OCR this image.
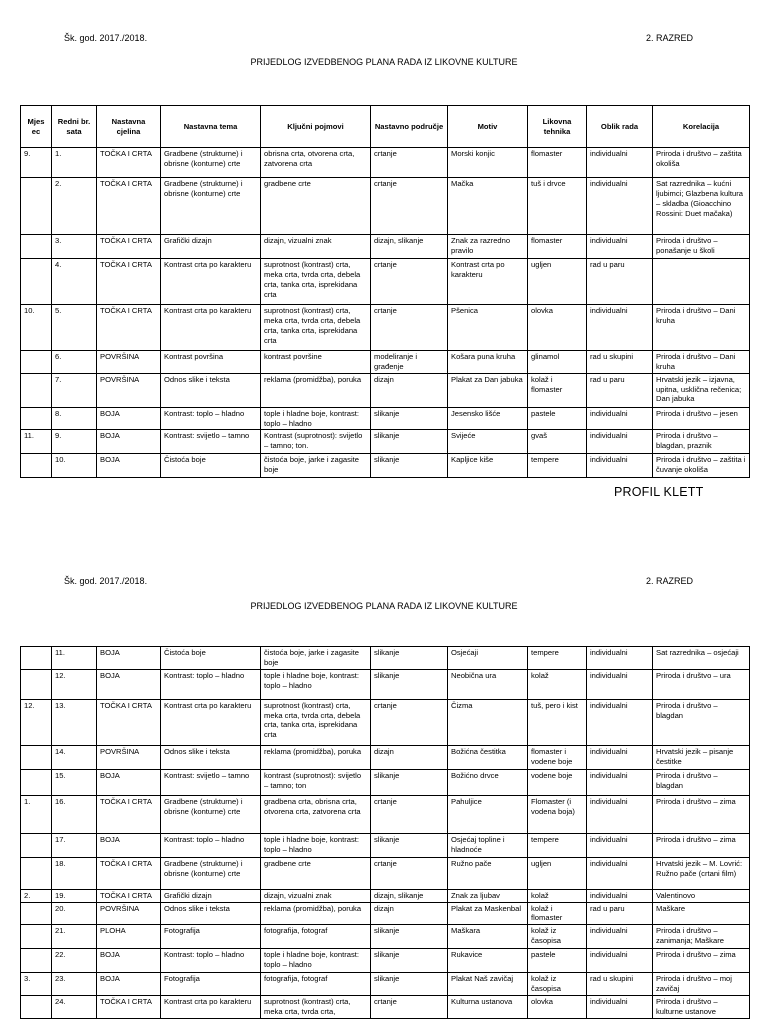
Šk. god. 2017./2018.	2. RAZRED
PRIJEDLOG IZVEDBENOG PLANA RADA IZ LIKOVNE KULTURE
Mjes ec	Redni br. sata	Nastavna cjelina	Nastavna tema	Ključni pojmovi	Nastavno područje	Motiv	Likovna tehnika	Oblik rada	Korelacija
9.	1.	TOČKA I CRTA	Gradbene (strukturne) i obrisne (konturne) crte	obrisna crta, otvorena crta, zatvorena crta	crtanje	Morski konjic	flomaster	individualni	Priroda i društvo – zaštita okoliša
	2.	TOČKA I CRTA	Gradbene (strukturne) i obrisne (konturne) crte	gradbene crte	crtanje	Mačka	tuš i drvce	individualni	Sat razrednika – kućni ljubimci; Glazbena kultura – skladba (Gioacchino Rossini: Duet mačaka)
	3.	TOČKA I CRTA	Grafički dizajn	dizajn, vizualni znak	dizajn, slikanje	Znak za razredno pravilo	flomaster	individualni	Priroda i društvo – ponašanje u školi
	4.	TOČKA I CRTA	Kontrast crta po karakteru	suprotnost (kontrast) crta, meka crta, tvrda crta, debela crta, tanka crta, isprekidana crta	crtanje	Kontrast crta po karakteru	ugljen	rad u paru	
10.	5.	TOČKA I CRTA	Kontrast crta po karakteru	suprotnost (kontrast) crta, meka crta, tvrda crta, debela crta, tanka crta, isprekidana crta	crtanje	Pšenica	olovka	individualni	Priroda i društvo – Dani kruha
	6.	POVRŠINA	Kontrast površina	kontrast površine	modeliranje i građenje	Košara puna kruha	glinamol	rad u skupini	Priroda i društvo – Dani kruha
	7.	POVRŠINA	Odnos slike i teksta	reklama (promidžba), poruka	dizajn	Plakat za Dan jabuka	kolaž i flomaster	rad u paru	Hrvatski jezik – izjavna, upitna, usklična rečenica; Dan jabuka
	8.	BOJA	Kontrast: toplo – hladno	tople i hladne boje, kontrast: toplo – hladno	slikanje	Jesensko lišće	pastele	individualni	Priroda i društvo – jesen
11.	9.	BOJA	Kontrast: svijetlo – tamno	Kontrast (suprotnost): svijetlo – tamno; ton.	slikanje	Svijeće	gvaš	individualni	Priroda i društvo – blagdan, praznik
	10.	BOJA	Čistoća boje	čistoća boje, jarke i zagasite boje	slikanje	Kapljice kiše	tempere	individualni	Priroda i društvo – zaštita i čuvanje okoliša
PROFIL KLETT
Šk. god. 2017./2018.	2. RAZRED
PRIJEDLOG IZVEDBENOG PLANA RADA IZ LIKOVNE KULTURE
	11.	BOJA	Čistoća boje	čistoća boje, jarke i zagasite boje	slikanje	Osjećaji	tempere	individualni	Sat razrednika – osjećaji
	12.	BOJA	Kontrast: toplo – hladno	tople i hladne boje, kontrast: toplo – hladno	slikanje	Neobična ura	kolaž	individualni	Priroda i društvo – ura
12.	13.	TOČKA I CRTA	Kontrast crta po karakteru	suprotnost (kontrast) crta, meka crta, tvrda crta, debela crta, tanka crta, isprekidana crta	crtanje	Čizma	tuš, pero i kist	individualni	Priroda i društvo – blagdan
	14.	POVRŠINA	Odnos slike i teksta	reklama (promidžba), poruka	dizajn	Božićna čestitka	flomaster i vodene boje	individualni	Hrvatski jezik – pisanje čestitke
	15.	BOJA	Kontrast: svijetlo – tamno	kontrast (suprotnost): svijetlo – tamno; ton	slikanje	Božićno drvce	vodene boje	individualni	Priroda i društvo – blagdan
1.	16.	TOČKA I CRTA	Gradbene (strukturne) i obrisne (konturne) crte	gradbena crta, obrisna crta, otvorena crta, zatvorena crta	crtanje	Pahuljice	Flomaster (i vodena boja)	individualni	Priroda i društvo – zima
	17.	BOJA	Kontrast: toplo – hladno	tople i hladne boje, kontrast: toplo – hladno	slikanje	Osjećaj topline i hladnoće	tempere	individualni	Priroda i društvo – zima
	18.	TOČKA I CRTA	Gradbene (strukturne) i obrisne (konturne) crte	gradbene crte	crtanje	Ružno pače	ugljen	individualni	Hrvatski jezik – M. Lovrić: Ružno pače (crtani film)
2.	19.	TOČKA I CRTA	Grafički dizajn	dizajn, vizualni znak	dizajn, slikanje	Znak za ljubav	kolaž	individualni	Valentinovo
	20.	POVRŠINA	Odnos slike i teksta	reklama (promidžba), poruka	dizajn	Plakat za Maskenbal	kolaž i flomaster	rad u paru	Maškare
	21.	PLOHA	Fotografija	fotografija, fotograf	slikanje	Maškara	kolaž iz časopisa	individualni	Priroda i društvo – zanimanja; Maškare
	22.	BOJA	Kontrast: toplo – hladno	tople i hladne boje, kontrast: toplo – hladno	slikanje	Rukavice	pastele	individualni	Priroda i društvo – zima
3.	23.	BOJA	Fotografija	fotografija, fotograf	slikanje	Plakat Naš zavičaj	kolaž iz časopisa	rad u skupini	Priroda i društvo – moj zavičaj
	24.	TOČKA I CRTA	Kontrast crta po karakteru	suprotnost (kontrast) crta, meka crta, tvrda crta,	crtanje	Kulturna ustanova	olovka	individualni	Priroda i društvo – kulturne ustanove
